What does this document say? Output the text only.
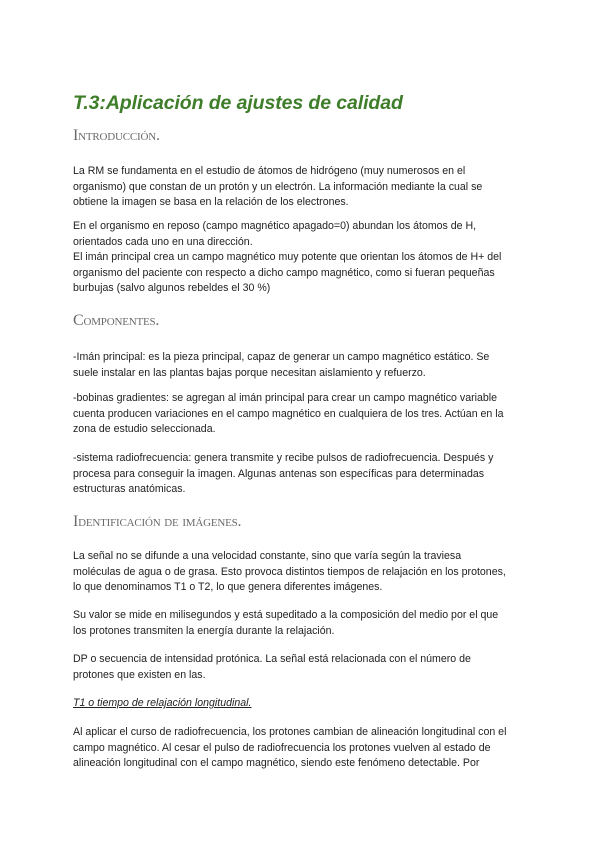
T.3:Aplicación de ajustes de calidad
Introducción.
La RM se fundamenta en el estudio de átomos de hidrógeno (muy numerosos en el
organismo) que constan de un protón y un electrón. La información mediante la cual se
obtiene la imagen se basa en la relación de los electrones.
En el organismo en reposo (campo magnético apagado=0) abundan los átomos de H,
orientados cada uno en una dirección.
El imán principal crea un campo magnético muy potente que orientan los átomos de H+ del
organismo del paciente con respecto a dicho campo magnético, como si fueran pequeñas
burbujas (salvo algunos rebeldes el 30 %)
Componentes.
-Imán principal: es la pieza principal, capaz de generar un campo magnético estático. Se
suele instalar en las plantas bajas porque necesitan aislamiento y refuerzo.
-bobinas gradientes: se agregan al imán principal para crear un campo magnético variable
cuenta producen variaciones en el campo magnético en cualquiera de los tres. Actúan en la
zona de estudio seleccionada.
-sistema radiofrecuencia: genera transmite y recibe pulsos de radiofrecuencia. Después y
procesa para conseguir la imagen. Algunas antenas son específicas para determinadas
estructuras anatómicas.
Identificación de imágenes.
La señal no se difunde a una velocidad constante, sino que varía según la traviesa
moléculas de agua o de grasa. Esto provoca distintos tiempos de relajación en los protones,
lo que denominamos T1 o T2, lo que genera diferentes imágenes.
Su valor se mide en milisegundos y está supeditado a la composición del medio por el que
los protones transmiten la energía durante la relajación.
DP o secuencia de intensidad protónica. La señal está relacionada con el número de
protones que existen en las.
T1 o tiempo de relajación longitudinal.
Al aplicar el curso de radiofrecuencia, los protones cambian de alineación longitudinal con el
campo magnético. Al cesar el pulso de radiofrecuencia los protones vuelven al estado de
alineación longitudinal con el campo magnético, siendo este fenómeno detectable. Por
